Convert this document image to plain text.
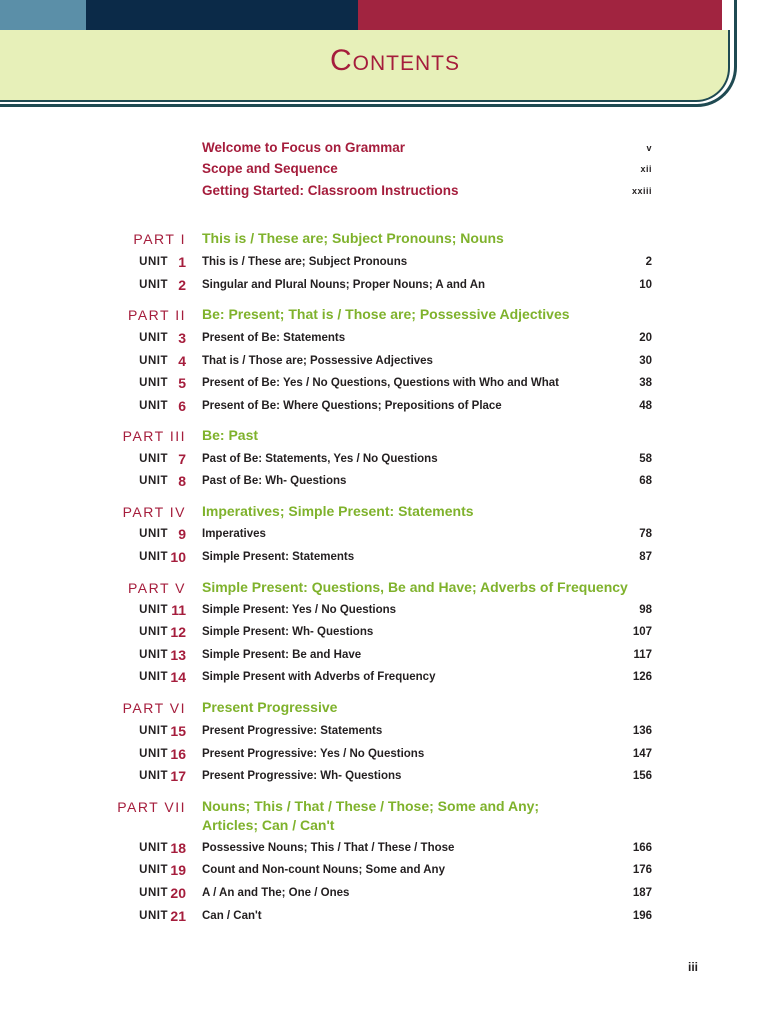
Contents
Welcome to Focus on Grammar	v
Scope and Sequence	xii
Getting Started: Classroom Instructions	xxiii
PART I This is / These are; Subject Pronouns; Nouns
UNIT 1 This is / These are; Subject Pronouns	2
UNIT 2 Singular and Plural Nouns; Proper Nouns; A and An	10
PART II Be: Present; That is / Those are; Possessive Adjectives
UNIT 3 Present of Be: Statements	20
UNIT 4 That is / Those are; Possessive Adjectives	30
UNIT 5 Present of Be: Yes / No Questions, Questions with Who and What	38
UNIT 6 Present of Be: Where Questions; Prepositions of Place	48
PART III Be: Past
UNIT 7 Past of Be: Statements, Yes / No Questions	58
UNIT 8 Past of Be: Wh- Questions	68
PART IV Imperatives; Simple Present: Statements
UNIT 9 Imperatives	78
UNIT 10 Simple Present: Statements	87
PART V Simple Present: Questions, Be and Have; Adverbs of Frequency
UNIT 11 Simple Present: Yes / No Questions	98
UNIT 12 Simple Present: Wh- Questions	107
UNIT 13 Simple Present: Be and Have	117
UNIT 14 Simple Present with Adverbs of Frequency	126
PART VI Present Progressive
UNIT 15 Present Progressive: Statements	136
UNIT 16 Present Progressive: Yes / No Questions	147
UNIT 17 Present Progressive: Wh- Questions	156
PART VII Nouns; This / That / These / Those; Some and Any;
Articles; Can / Can't
UNIT 18 Possessive Nouns; This / That / These / Those	166
UNIT 19 Count and Non-count Nouns; Some and Any	176
UNIT 20 A / An and The; One / Ones	187
UNIT 21 Can / Can't	196
iii
